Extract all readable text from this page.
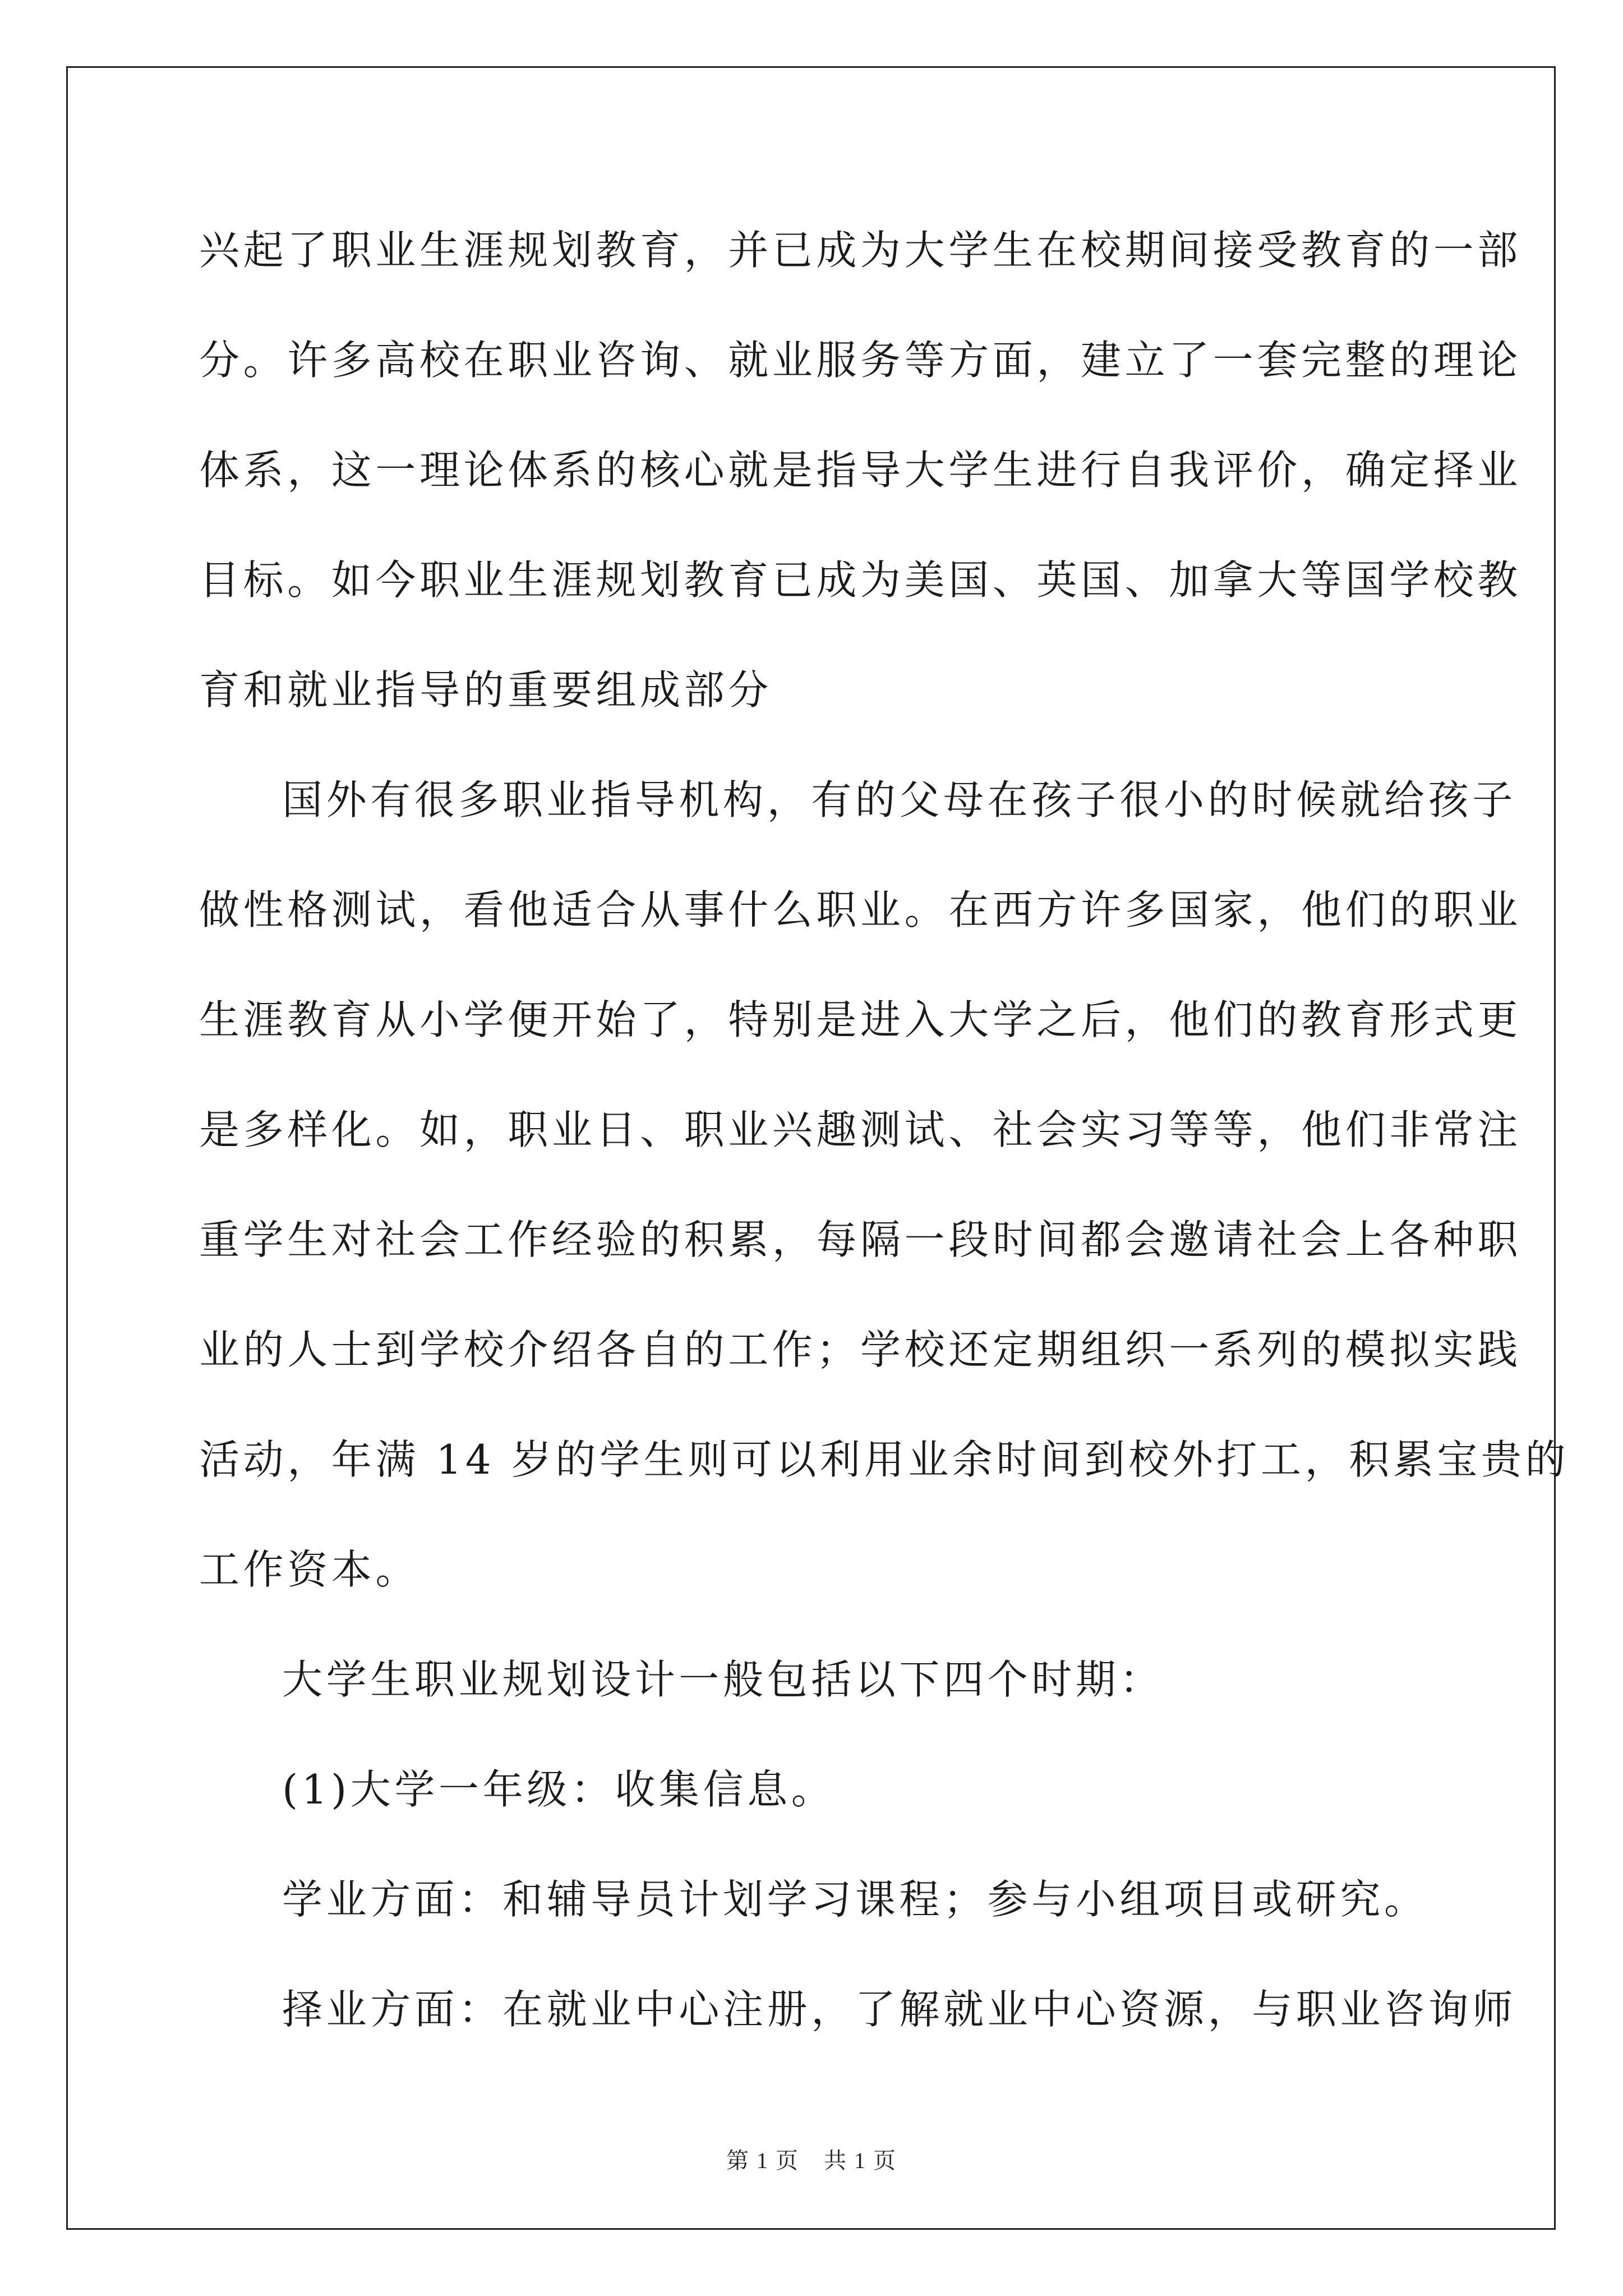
兴起了职业生涯规划教育，并已成为大学生在校期间接受教育的一部
分。许多高校在职业咨询、就业服务等方面，建立了一套完整的理论
体系，这一理论体系的核心就是指导大学生进行自我评价，确定择业
目标。如今职业生涯规划教育已成为美国、英国、加拿大等国学校教
育和就业指导的重要组成部分
国外有很多职业指导机构，有的父母在孩子很小的时候就给孩子
做性格测试，看他适合从事什么职业。在西方许多国家，他们的职业
生涯教育从小学便开始了，特别是进入大学之后，他们的教育形式更
是多样化。如，职业日、职业兴趣测试、社会实习等等，他们非常注
重学生对社会工作经验的积累，每隔一段时间都会邀请社会上各种职
业的人士到学校介绍各自的工作；学校还定期组织一系列的模拟实践
活动，年满 14 岁的学生则可以利用业余时间到校外打工，积累宝贵的
工作资本。
大学生职业规划设计一般包括以下四个时期：
(1)大学一年级：收集信息。
学业方面：和辅导员计划学习课程；参与小组项目或研究。
择业方面：在就业中心注册，了解就业中心资源，与职业咨询师
第 1 页 共 1 页
